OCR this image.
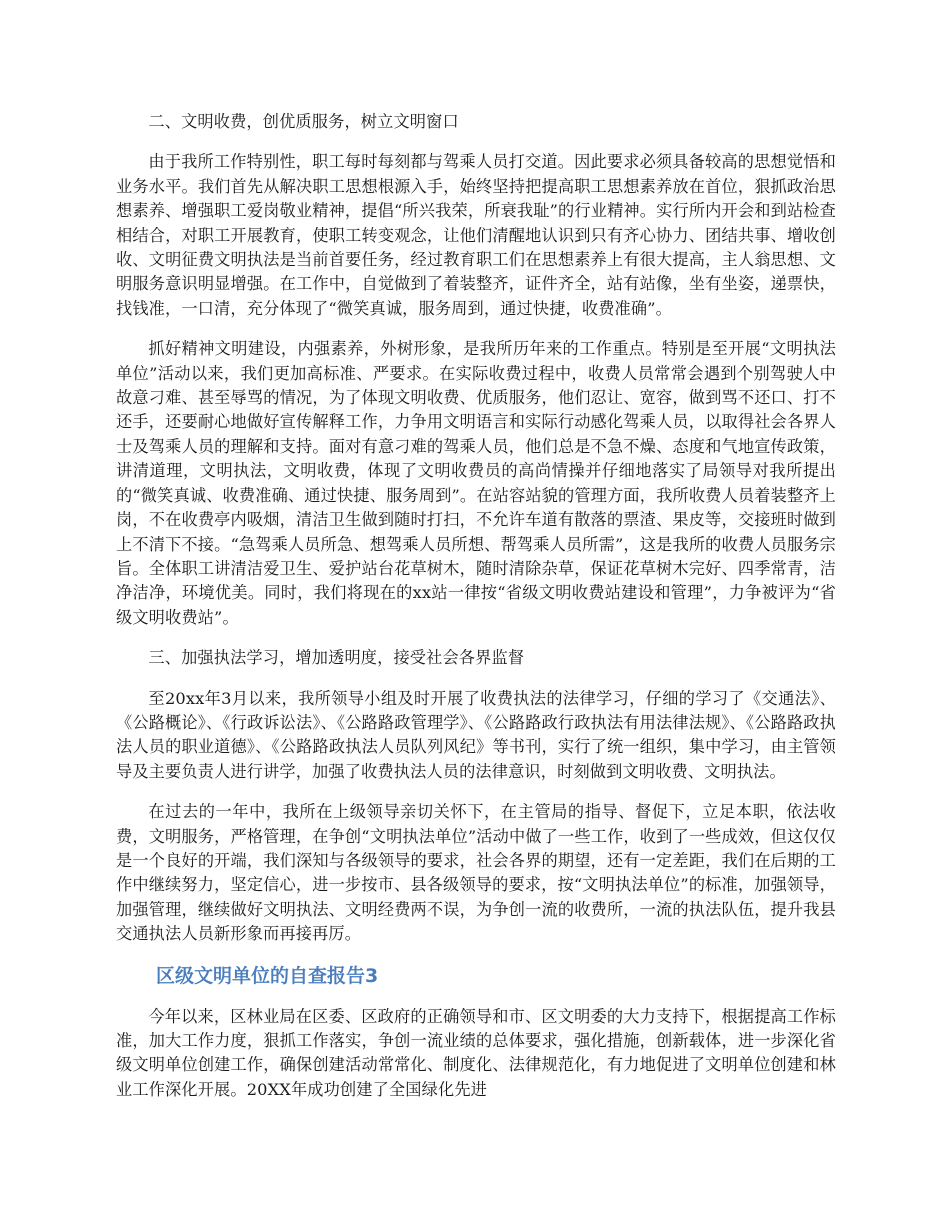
二、文明收费，创优质服务，树立文明窗口

由于我所工作特别性，职工每时每刻都与驾乘人员打交道。因此要求必须具备较高的思想觉悟和业务水平。我们首先从解决职工思想根源入手，始终坚持把提高职工思想素养放在首位，狠抓政治思想素养、增强职工爱岗敬业精神，提倡“所兴我荣，所衰我耻”的行业精神。实行所内开会和到站检查相结合，对职工开展教育，使职工转变观念，让他们清醒地认识到只有齐心协力、团结共事、增收创收、文明征费文明执法是当前首要任务，经过教育职工们在思想素养上有很大提高，主人翁思想、文明服务意识明显增强。在工作中，自觉做到了着装整齐，证件齐全，站有站像，坐有坐姿，递票快，找钱准，一口清，充分体现了“微笑真诚，服务周到，通过快捷，收费准确”。

抓好精神文明建设，内强素养，外树形象，是我所历年来的工作重点。特别是至开展“文明执法单位”活动以来，我们更加高标准、严要求。在实际收费过程中，收费人员常常会遇到个别驾驶人中故意刁难、甚至辱骂的情况，为了体现文明收费、优质服务，他们忍让、宽容，做到骂不还口、打不还手，还要耐心地做好宣传解释工作，力争用文明语言和实际行动感化驾乘人员，以取得社会各界人士及驾乘人员的理解和支持。面对有意刁难的驾乘人员，他们总是不急不燥、态度和气地宣传政策，讲清道理，文明执法，文明收费，体现了文明收费员的高尚情操并仔细地落实了局领导对我所提出的“微笑真诚、收费准确、通过快捷、服务周到”。在站容站貌的管理方面，我所收费人员着装整齐上岗，不在收费亭内吸烟，清洁卫生做到随时打扫，不允许车道有散落的票渣、果皮等，交接班时做到上不清下不接。“急驾乘人员所急、想驾乘人员所想、帮驾乘人员所需”，这是我所的收费人员服务宗旨。全体职工讲清洁爱卫生、爱护站台花草树木，随时清除杂草，保证花草树木完好、四季常青，洁净洁净，环境优美。同时，我们将现在的xx站一律按“省级文明收费站建设和管理”，力争被评为“省级文明收费站”。

三、加强执法学习，增加透明度，接受社会各界监督

至20xx年3月以来，我所领导小组及时开展了收费执法的法律学习，仔细的学习了《交通法》、《公路概论》、《行政诉讼法》、《公路路政管理学》、《公路路政行政执法有用法律法规》、《公路路政执法人员的职业道德》、《公路路政执法人员队列风纪》等书刊，实行了统一组织，集中学习，由主管领导及主要负责人进行讲学，加强了收费执法人员的法律意识，时刻做到文明收费、文明执法。

在过去的一年中，我所在上级领导亲切关怀下，在主管局的指导、督促下，立足本职，依法收费，文明服务，严格管理，在争创“文明执法单位”活动中做了一些工作，收到了一些成效，但这仅仅是一个良好的开端，我们深知与各级领导的要求，社会各界的期望，还有一定差距，我们在后期的工作中继续努力，坚定信心，进一步按市、县各级领导的要求，按“文明执法单位”的标准，加强领导，加强管理，继续做好文明执法、文明经费两不误，为争创一流的收费所，一流的执法队伍，提升我县交通执法人员新形象而再接再厉。

区级文明单位的自查报告3

今年以来，区林业局在区委、区政府的正确领导和市、区文明委的大力支持下，根据提高工作标准，加大工作力度，狠抓工作落实，争创一流业绩的总体要求，强化措施，创新载体，进一步深化省级文明单位创建工作，确保创建活动常常化、制度化、法律规范化，有力地促进了文明单位创建和林业工作深化开展。20XX年成功创建了全国绿化先进
